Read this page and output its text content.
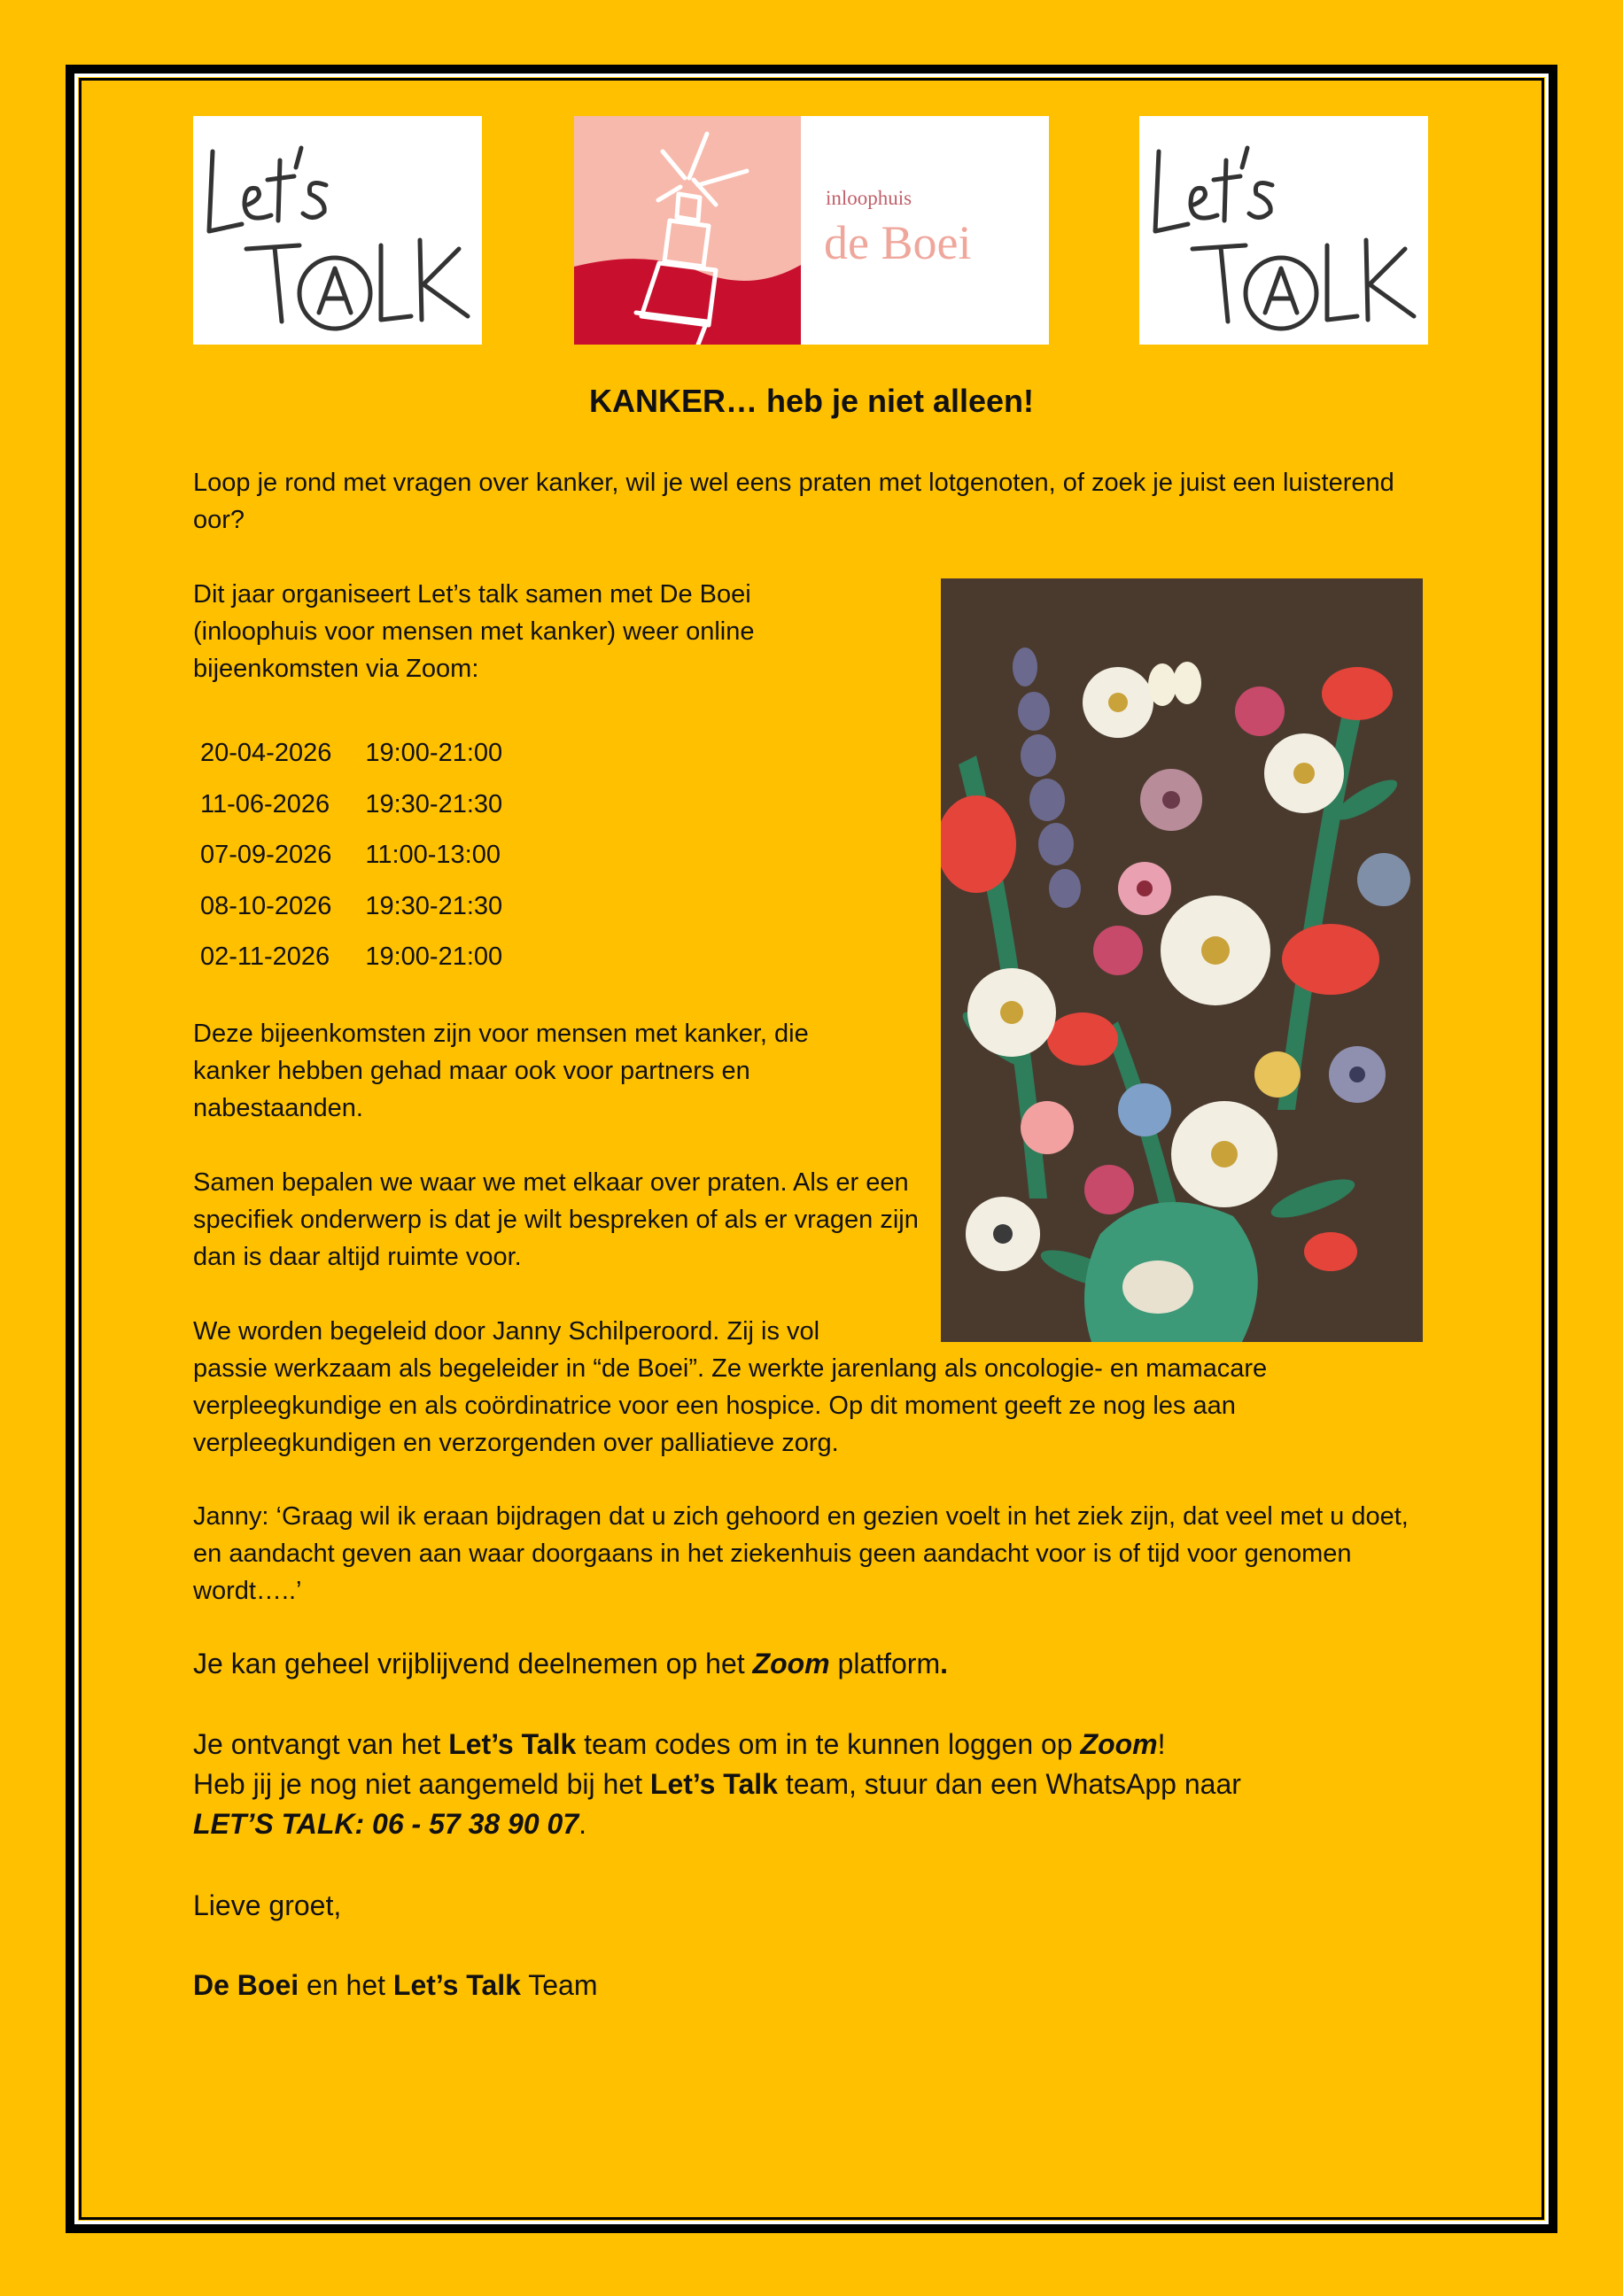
inloophuis
de Boei
KANKER… heb je niet alleen!

Loop je rond met vragen over kanker, wil je wel eens praten met lotgenoten, of zoek je juist een luisterend oor?

Dit jaar organiseert Let’s talk samen met De Boei (inloophuis voor mensen met kanker) weer online bijeenkomsten via Zoom:

20-04-2026	19:00-21:00
11-06-2026	19:30-21:30
07-09-2026	11:00-13:00
08-10-2026	19:30-21:30
02-11-2026	19:00-21:00

Deze bijeenkomsten zijn voor mensen met kanker, die kanker hebben gehad maar ook voor partners en nabestaanden.

Samen bepalen we waar we met elkaar over praten. Als er een specifiek onderwerp is dat je wilt bespreken of als er vragen zijn dan is daar altijd ruimte voor.

We worden begeleid door Janny Schilperoord. Zij is vol
passie werkzaam als begeleider in “de Boei”. Ze werkte jarenlang als oncologie- en mamacare verpleegkundige en als coördinatrice voor een hospice. Op dit moment geeft ze nog les aan verpleegkundigen en verzorgenden over palliatieve zorg.

Janny: ‘Graag wil ik eraan bijdragen dat u zich gehoord en gezien voelt in het ziek zijn, dat veel met u doet, en aandacht geven aan waar doorgaans in het ziekenhuis geen aandacht voor is of tijd voor genomen wordt…..’

Je kan geheel vrijblijvend deelnemen op het Zoom platform.

Je ontvangt van het Let’s Talk team codes om in te kunnen loggen op Zoom!
Heb jij je nog niet aangemeld bij het Let’s Talk team, stuur dan een WhatsApp naar
LET’S TALK: 06 - 57 38 90 07.

Lieve groet,

De Boei en het Let’s Talk Team
